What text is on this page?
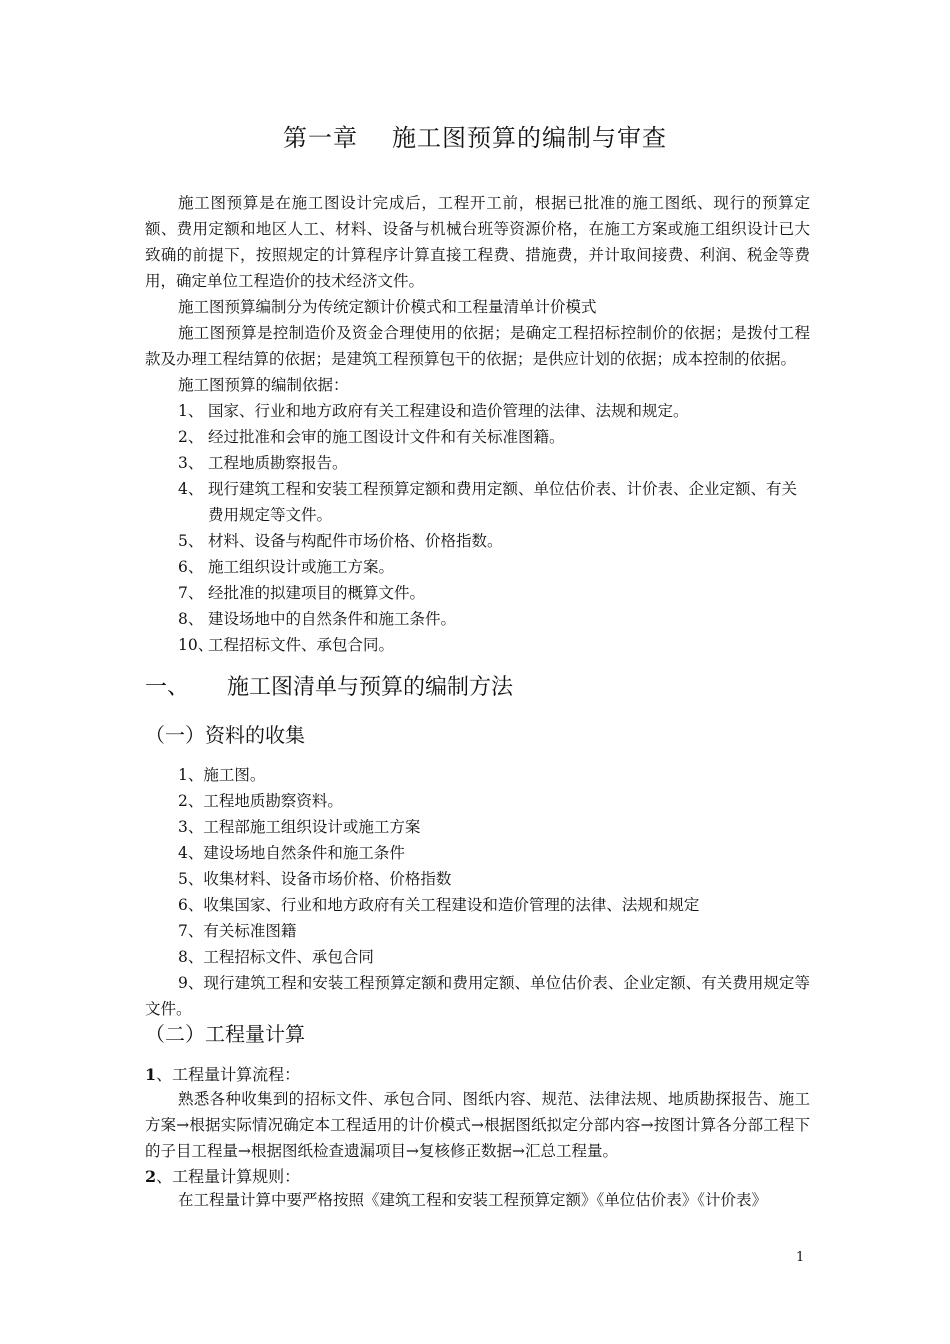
第一章 施工图预算的编制与审查

施工图预算是在施工图设计完成后，工程开工前，根据已批准的施工图纸、现行的预算定额、费用定额和地区人工、材料、设备与机械台班等资源价格，在施工方案或施工组织设计已大致确的前提下，按照规定的计算程序计算直接工程费、措施费，并计取间接费、利润、税金等费用，确定单位工程造价的技术经济文件。

施工图预算编制分为传统定额计价模式和工程量清单计价模式

施工图预算是控制造价及资金合理使用的依据；是确定工程招标控制价的依据；是拨付工程款及办理工程结算的依据；是建筑工程预算包干的依据；是供应计划的依据；成本控制的依据。

施工图预算的编制依据：

1、 国家、行业和地方政府有关工程建设和造价管理的法律、法规和规定。
2、 经过批准和会审的施工图设计文件和有关标准图籍。
3、 工程地质勘察报告。
4、 现行建筑工程和安装工程预算定额和费用定额、单位估价表、计价表、企业定额、有关费用规定等文件。
5、 材料、设备与构配件市场价格、价格指数。
6、 施工组织设计或施工方案。
7、 经批准的拟建项目的概算文件。
8、 建设场地中的自然条件和施工条件。
10、
工程招标文件、承包合同。
一、 施工图清单与预算的编制方法
（一）资料的收集
1、施工图。
2、工程地质勘察资料。
3、工程部施工组织设计或施工方案
4、建设场地自然条件和施工条件
5、收集材料、设备市场价格、价格指数
6、收集国家、行业和地方政府有关工程建设和造价管理的法律、法规和规定
7、有关标准图籍
8、工程招标文件、承包合同

9、现行建筑工程和安装工程预算定额和费用定额、单位估价表、企业定额、有关费用规定等文件。

（二）工程量计算
1、工程量计算流程：

熟悉各种收集到的招标文件、承包合同、图纸内容、规范、法律法规、地质勘探报告、施工方案→根据实际情况确定本工程适用的计价模式→根据图纸拟定分部内容→按图计算各分部工程下的子目工程量→根据图纸检查遗漏项目→复核修正数据→汇总工程量。

2、工程量计算规则：

在工程量计算中要严格按照《建筑工程和安装工程预算定额》《单位估价表》《计价表》

1
